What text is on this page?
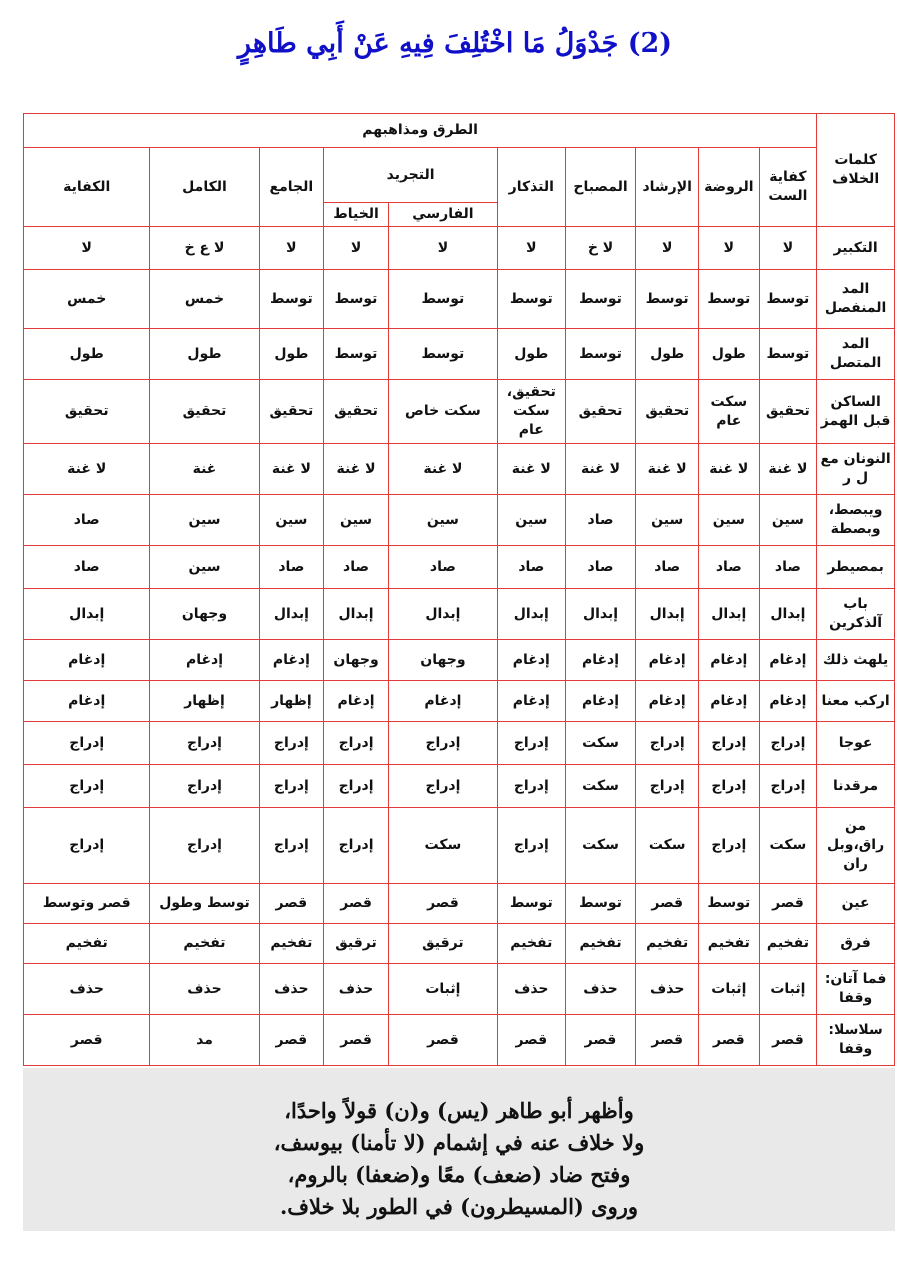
(2) جَدْوَلُ مَا اخْتُلِفَ فِيهِ عَنْ أَبِي طَاهِرٍ
كلمات الخلاف	الطرق ومذاهبهم									
	كفاية الست	الروضة	الإرشاد	المصباح	التذكار	التجريد		الجامع	الكامل	الكفاية
						الفارسي	الخياط			
التكبير	لا	لا	لا	لا خ	لا	لا	لا	لا	لا ع خ	لا
المد المنفصل	توسط	توسط	توسط	توسط	توسط	توسط	توسط	توسط	خمس	خمس
المد المتصل	توسط	طول	طول	توسط	طول	توسط	توسط	طول	طول	طول
الساكن قبل الهمز	تحقيق	سكت عام	تحقيق	تحقيق	تحقيق، سكت عام	سكت خاص	تحقيق	تحقيق	تحقيق	تحقيق
النونان مع ل ر	لا غنة	لا غنة	لا غنة	لا غنة	لا غنة	لا غنة	لا غنة	لا غنة	غنة	لا غنة
ويبصط، وبصطة	سين	سين	سين	صاد	سين	سين	سين	سين	سين	صاد
بمصيطر	صاد	صاد	صاد	صاد	صاد	صاد	صاد	صاد	سين	صاد
باب آلذكرين	إبدال	إبدال	إبدال	إبدال	إبدال	إبدال	إبدال	إبدال	وجهان	إبدال
يلهث ذلك	إدغام	إدغام	إدغام	إدغام	إدغام	وجهان	وجهان	إدغام	إدغام	إدغام
اركب معنا	إدغام	إدغام	إدغام	إدغام	إدغام	إدغام	إدغام	إظهار	إظهار	إدغام
عوجا	إدراج	إدراج	إدراج	سكت	إدراج	إدراج	إدراج	إدراج	إدراج	إدراج
مرقدنا	إدراج	إدراج	إدراج	سكت	إدراج	إدراج	إدراج	إدراج	إدراج	إدراج
من راق،وبل ران	سكت	إدراج	سكت	سكت	إدراج	سكت	إدراج	إدراج	إدراج	إدراج
عين	قصر	توسط	قصر	توسط	توسط	قصر	قصر	قصر	توسط وطول	قصر وتوسط
فرق	تفخيم	تفخيم	تفخيم	تفخيم	تفخيم	ترقيق	ترقيق	تفخيم	تفخيم	تفخيم
فما آتان: وقفا	إثبات	إثبات	حذف	حذف	حذف	إثبات	حذف	حذف	حذف	حذف
سلاسلا: وقفا	قصر	قصر	قصر	قصر	قصر	قصر	قصر	قصر	مد	قصر
وأظهر أبو طاهر (يس) و(ن) قولاً واحدًا،
ولا خلاف عنه في إشمام (لا تأمنا) بيوسف،
وفتح ضاد (ضعف) معًا و(ضعفا) بالروم،
وروى (المسيطرون) في الطور بلا خلاف.
